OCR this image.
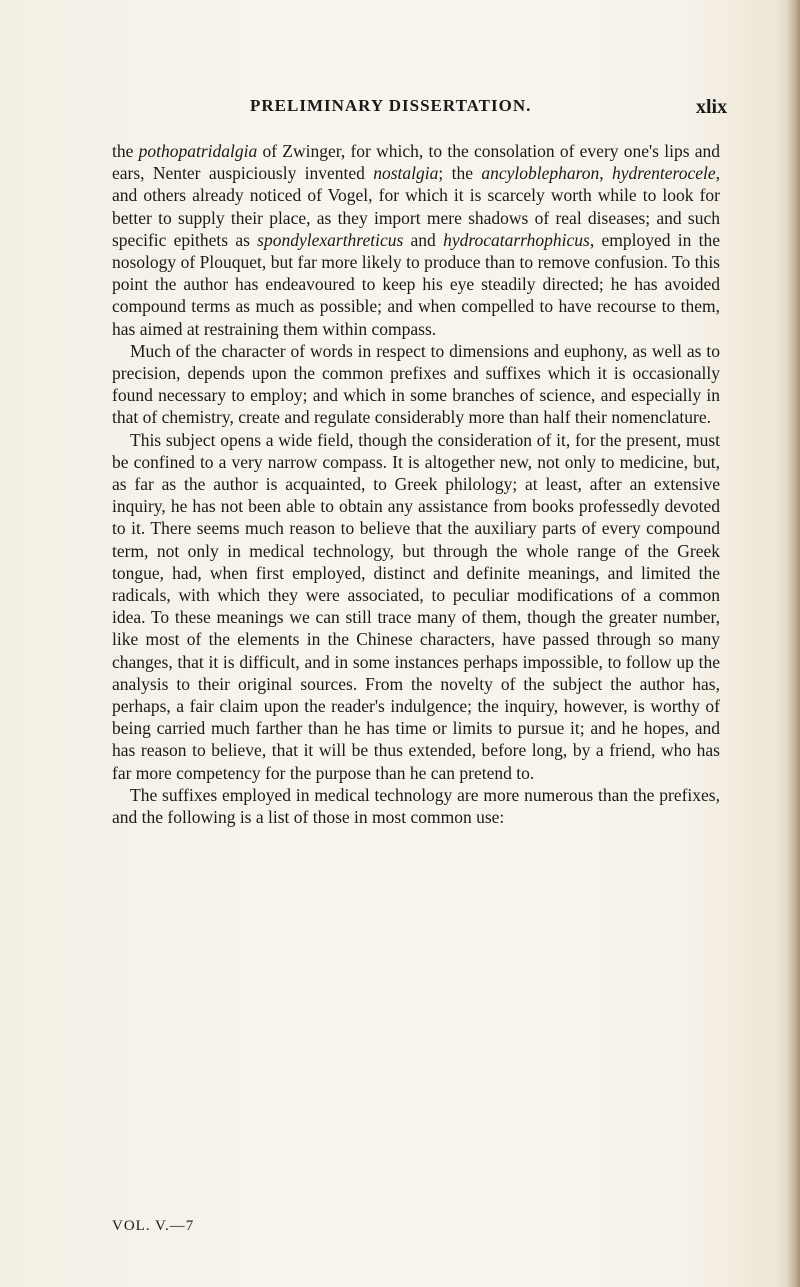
PRELIMINARY DISSERTATION.	xlix

the pothopatridalgia of Zwinger, for which, to the consolation of every one's lips and ears, Nenter auspiciously invented nostalgia; the ancyloblepharon, hydrenterocele, and others already noticed of Vogel, for which it is scarcely worth while to look for better to supply their place, as they import mere shadows of real diseases; and such specific epithets as spondylexarthreticus and hydrocatarrhophicus, employed in the nosology of Plouquet, but far more likely to produce than to remove confusion. To this point the author has endeavoured to keep his eye steadily directed; he has avoided compound terms as much as possible; and when compelled to have recourse to them, has aimed at restraining them within compass.

Much of the character of words in respect to dimensions and euphony, as well as to precision, depends upon the common prefixes and suffixes which it is occasionally found necessary to employ; and which in some branches of science, and especially in that of chemistry, create and regulate considerably more than half their nomenclature.

This subject opens a wide field, though the consideration of it, for the present, must be confined to a very narrow compass. It is altogether new, not only to medicine, but, as far as the author is acquainted, to Greek philology; at least, after an extensive inquiry, he has not been able to obtain any assistance from books professedly devoted to it. There seems much reason to believe that the auxiliary parts of every compound term, not only in medical technology, but through the whole range of the Greek tongue, had, when first employed, distinct and definite meanings, and limited the radicals, with which they were associated, to peculiar modifications of a common idea. To these meanings we can still trace many of them, though the greater number, like most of the elements in the Chinese characters, have passed through so many changes, that it is difficult, and in some instances perhaps impossible, to follow up the analysis to their original sources. From the novelty of the subject the author has, perhaps, a fair claim upon the reader's indulgence; the inquiry, however, is worthy of being carried much farther than he has time or limits to pursue it; and he hopes, and has reason to believe, that it will be thus extended, before long, by a friend, who has far more competency for the purpose than he can pretend to.

The suffixes employed in medical technology are more numerous than the prefixes, and the following is a list of those in most common use:

VOL. V.—7
